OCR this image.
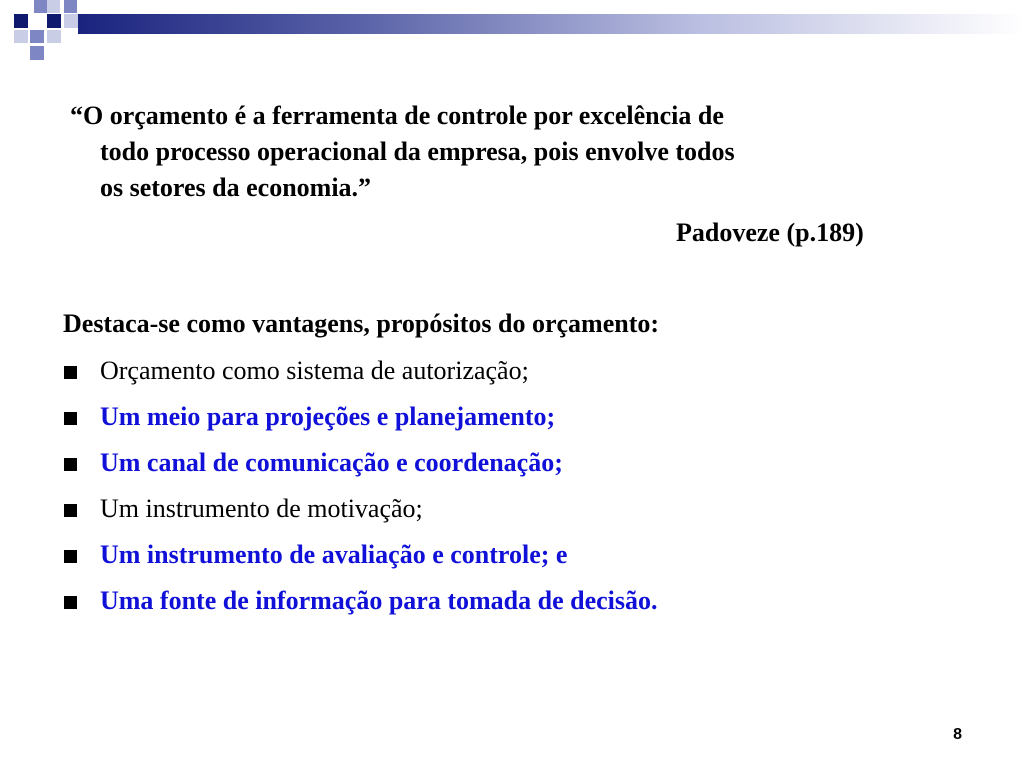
“O orçamento é a ferramenta de controle por excelência de
todo processo operacional da empresa, pois envolve todos
os setores da economia.”
Padoveze (p.189)
Destaca-se como vantagens, propósitos do orçamento:
Orçamento como sistema de autorização;
Um meio para projeções e planejamento;
Um canal de comunicação e coordenação;
Um instrumento de motivação;
Um instrumento de avaliação e controle; e
Uma fonte de informação para tomada de decisão.
8
